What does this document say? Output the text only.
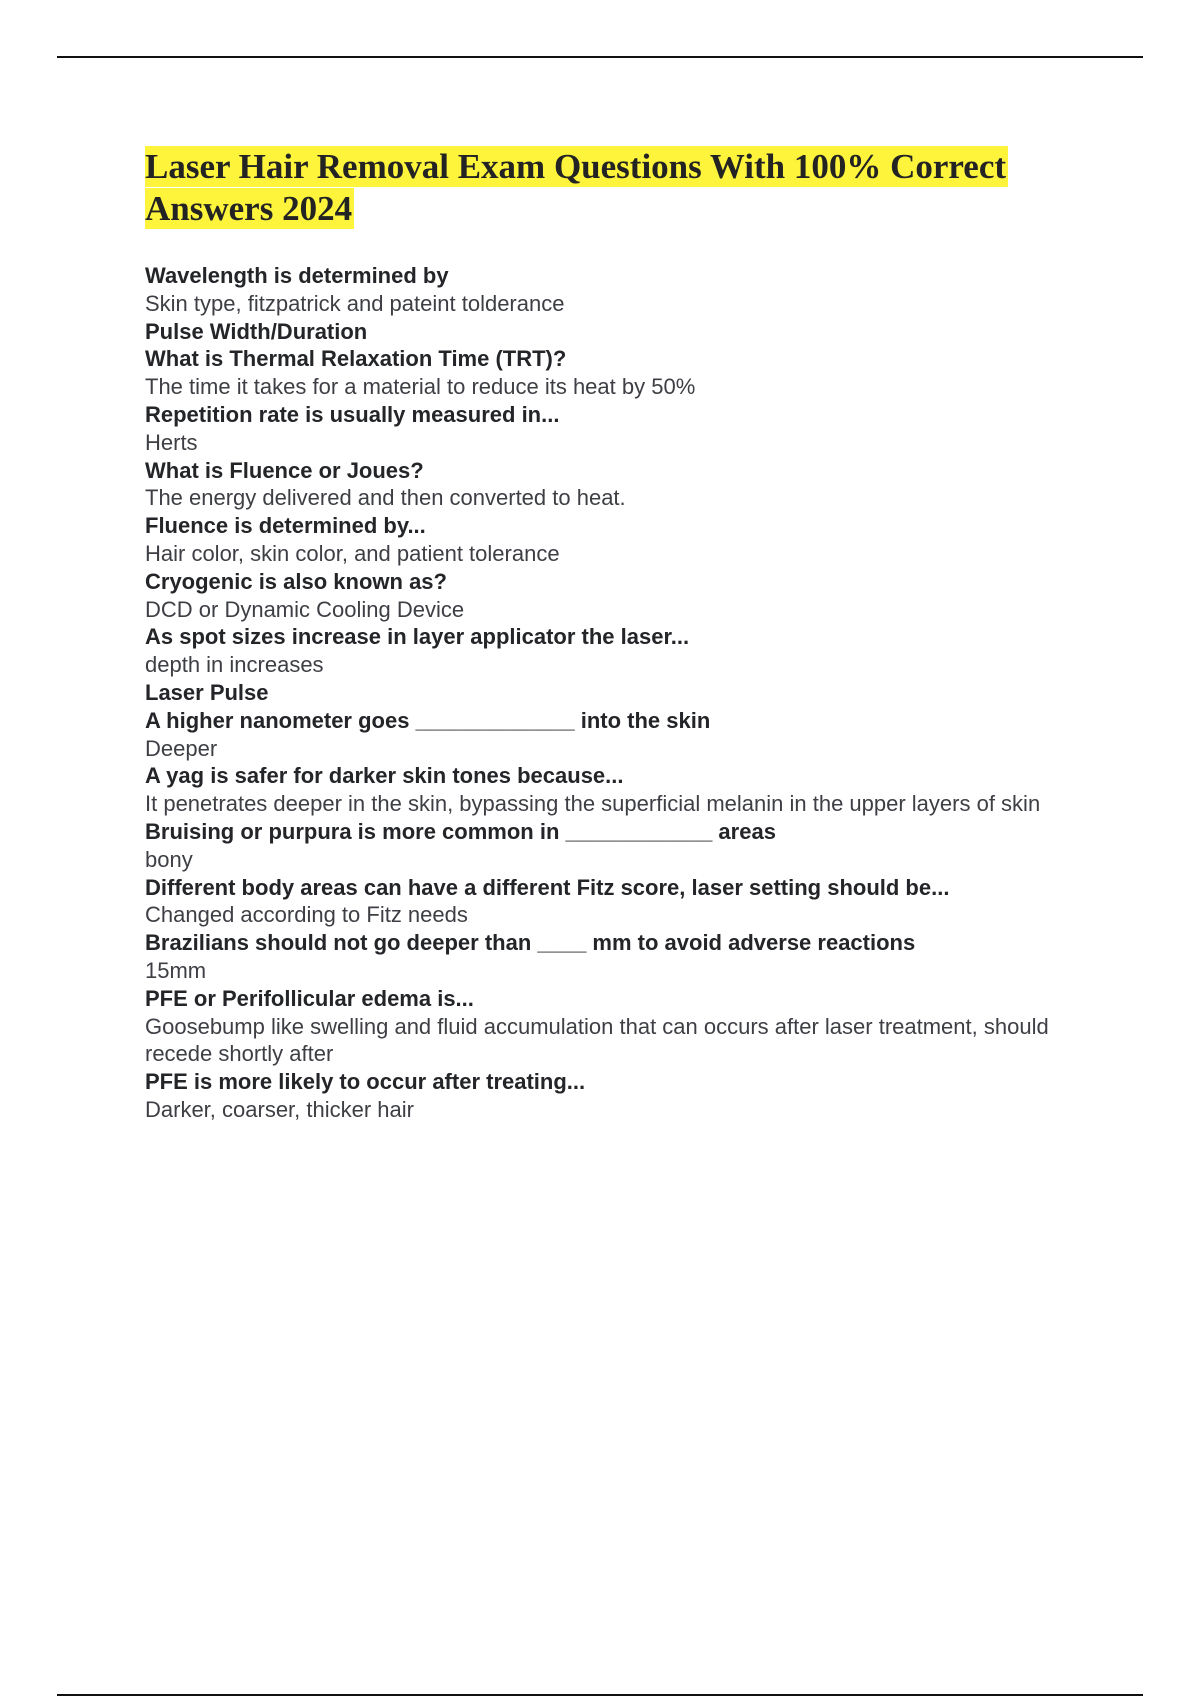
Laser Hair Removal Exam Questions With 100% Correct Answers 2024
Wavelength is determined by
Skin type, fitzpatrick and pateint tolderance
Pulse Width/Duration
What is Thermal Relaxation Time (TRT)?
The time it takes for a material to reduce its heat by 50%
Repetition rate is usually measured in...
Herts
What is Fluence or Joues?
The energy delivered and then converted to heat.
Fluence is determined by...
Hair color, skin color, and patient tolerance
Cryogenic is also known as?
DCD or Dynamic Cooling Device
As spot sizes increase in layer applicator the laser...
depth in increases
Laser Pulse
A higher nanometer goes _____________ into the skin
Deeper
A yag is safer for darker skin tones because...
It penetrates deeper in the skin, bypassing the superficial melanin in the upper layers of skin
Bruising or purpura is more common in ____________ areas
bony
Different body areas can have a different Fitz score, laser setting should be...
Changed according to Fitz needs
Brazilians should not go deeper than ____ mm to avoid adverse reactions
15mm
PFE or Perifollicular edema is...
Goosebump like swelling and fluid accumulation that can occurs after laser treatment, should recede shortly after
PFE is more likely to occur after treating...
Darker, coarser, thicker hair
